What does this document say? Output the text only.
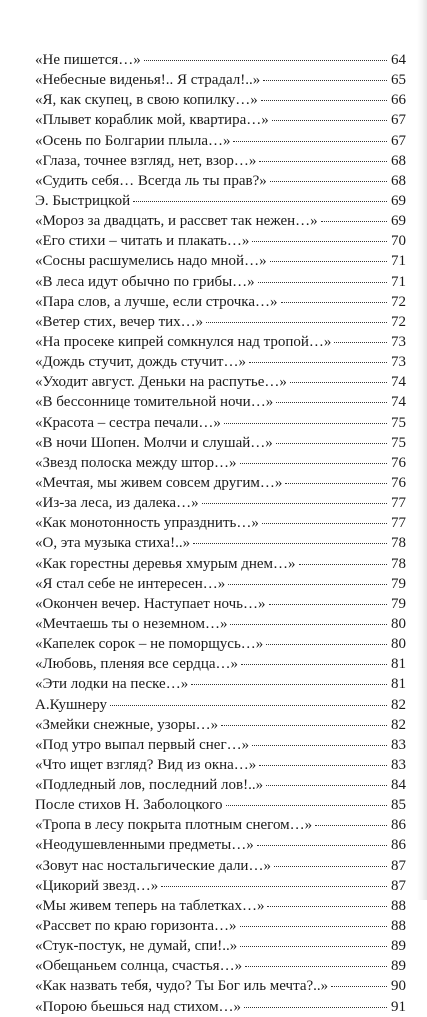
«Не пишется…»	64
«Небесные виденья!.. Я страдал!..»	65
«Я, как скупец, в свою копилку…»	66
«Плывет кораблик мой, квартира…»	67
«Осень по Болгарии плыла…»	67
«Глаза, точнее взгляд, нет, взор…»	68
«Судить себя… Всегда ль ты прав?»	68
Э. Быстрицкой	69
«Мороз за двадцать, и рассвет так нежен…»	69
«Его стихи – читать и плакать…»	70
«Сосны расшумелись надо мной…»	71
«В леса идут обычно по грибы…»	71
«Пара слов, а лучше, если строчка…»	72
«Ветер стих, вечер тих…»	72
«На просеке кипрей сомкнулся над тропой…»	73
«Дождь стучит, дождь стучит…»	73
«Уходит август. Деньки на распутье…»	74
«В бессоннице томительной ночи…»	74
«Красота – сестра печали…»	75
«В ночи Шопен. Молчи и слушай…»	75
«Звезд полоска между штор…»	76
«Мечтая, мы живем совсем другим…»	76
«Из-за леса, из далека…»	77
«Как монотонность упразднить…»	77
«О, эта музыка стиха!..»	78
«Как горестны деревья хмурым днем…»	78
«Я стал себе не интересен…»	79
«Окончен вечер. Наступает ночь…»	79
«Мечтаешь ты о неземном…»	80
«Капелек сорок – не поморщусь…»	80
«Любовь, пленяя все сердца…»	81
«Эти лодки на песке…»	81
А.Кушнеру	82
«Змейки снежные, узоры…»	82
«Под утро выпал первый снег…»	83
«Что ищет взгляд? Вид из окна…»	83
«Подледный лов, последний лов!..»	84
После стихов Н. Заболоцкого	85
«Тропа в лесу покрыта плотным снегом…»	86
«Неодушевленными предметы…»	86
«Зовут нас ностальгические дали…»	87
«Цикорий звезд…»	87
«Мы живем теперь на таблетках…»	88
«Рассвет по краю горизонта…»	88
«Стук-постук, не думай, спи!..»	89
«Обещаньем солнца, счастья…»	89
«Как назвать тебя, чудо? Ты Бог иль мечта?..»	90
«Порою бьешься над стихом…»	91
